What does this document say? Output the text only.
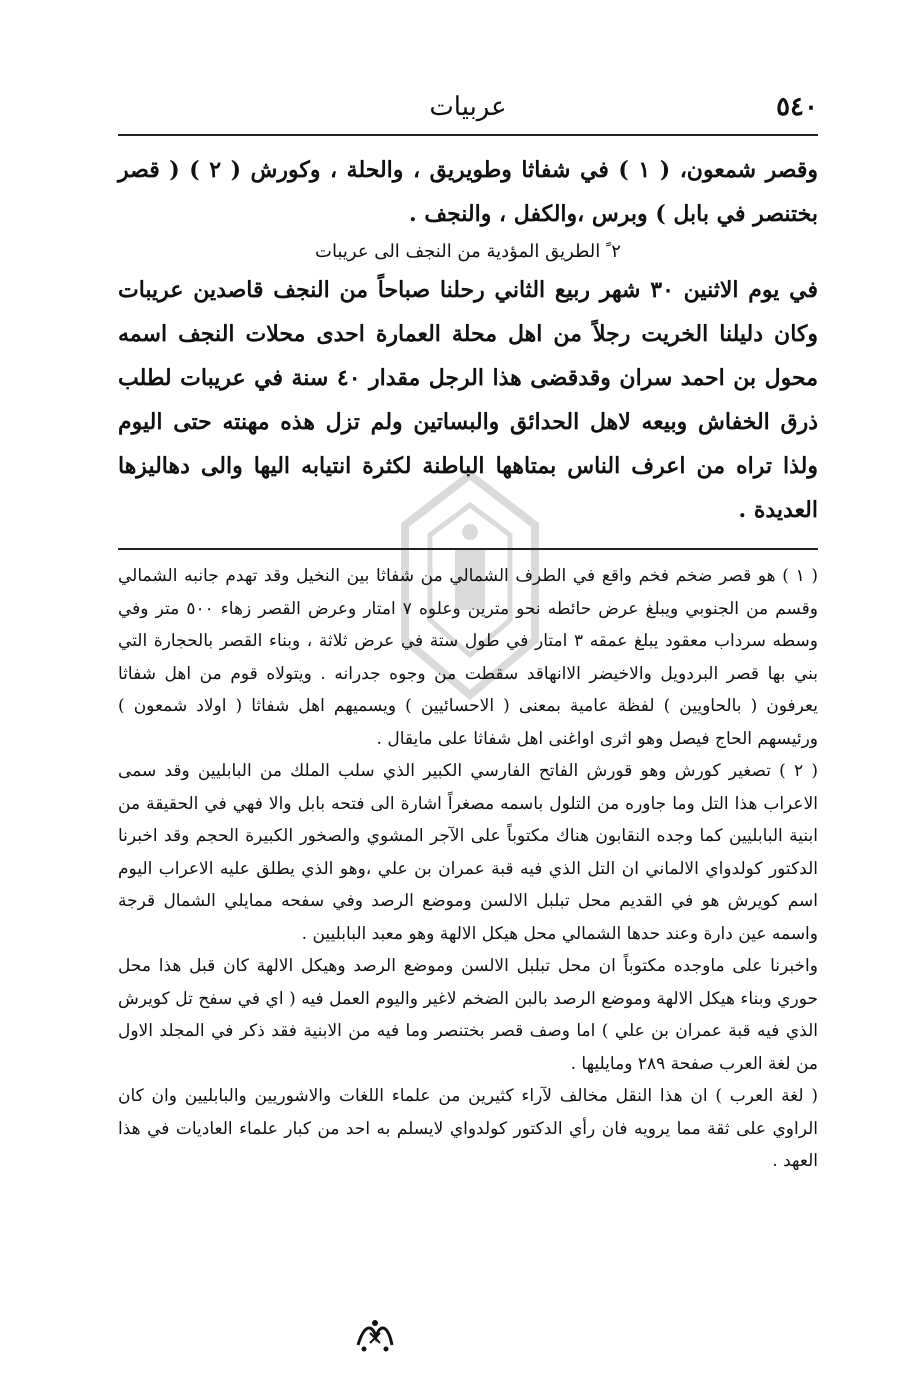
٥٤٠
عربيات

وقصر شمعون، ( ١ ) في شفاثا وطويريق ، والحلة ، وكورش ( ٢ ) ( قصر بختنصر في بابل ) وبرس ،والكفل ، والنجف .

٢ ً الطريق المؤدية من النجف الى عريبات

في يوم الاثنين ٣٠ شهر ربيع الثاني رحلنا صباحاً من النجف قاصدين عريبات وكان دليلنا الخريت رجلاً من اهل محلة العمارة احدى محلات النجف اسمه محول بن احمد سران وقدقضى هذا الرجل مقدار ٤٠ سنة في عريبات لطلب ذرق الخفاش وبيعه لاهل الحدائق والبساتين ولم تزل هذه مهنته حتى اليوم ولذا تراه من اعرف الناس بمتاهها الباطنة لكثرة انتيابه اليها والى دهاليزها العديدة .

( ١ ) هو قصر ضخم فخم واقع في الطرف الشمالي من شفاثا بين النخيل وقد تهدم جانبه الشمالي وقسم من الجنوبي ويبلغ عرض حائطه نحو مترين وعلوه ٧ امتار وعرض القصر زهاء ٥٠٠ متر وفي وسطه سرداب معقود يبلغ عمقه ٣ امتار في طول ستة في عرض ثلاثة ، وبناء القصر بالحجارة التي بني بها قصر البردويل والاخيضر الاانهاقد سقطت من وجوه جدرانه . ويتولاه قوم من اهل شفاثا يعرفون ( بالحاويين ) لفظة عامية بمعنى ( الاحسائيين ) ويسميهم اهل شفاثا ( اولاد شمعون ) ورئيسهم الحاج فيصل وهو اثرى اواغنى اهل شفاثا على مايقال .

( ٢ ) تصغير كورش وهو قورش الفاتح الفارسي الكبير الذي سلب الملك من البابليين وقد سمى الاعراب هذا التل وما جاوره من التلول باسمه مصغراً اشارة الى فتحه بابل والا فهي في الحقيقة من ابنية البابليين كما وجده النقابون هناك مكتوباً على الآجر المشوي والصخور الكبيرة الحجم وقد اخبرنا الدكتور كولدواي الالماني ان التل الذي فيه قبة عمران بن علي ،وهو الذي يطلق عليه الاعراب اليوم اسم كويرش هو في القديم محل تبلبل الالسن وموضع الرصد وفي سفحه ممايلي الشمال قرجة واسمه عين دارة وعند حدها الشمالي محل هيكل الالهة وهو معبد البابليين .

واخبرنا على ماوجده مكتوباً ان محل تبلبل الالسن وموضع الرصد وهيكل الالهة كان قبل هذا محل حوري وبناء هيكل الالهة وموضع الرصد بالبن الضخم لاغير واليوم العمل فيه ( اي في سفح تل كويرش الذي فيه قبة عمران بن علي ) اما وصف قصر بختنصر وما فيه من الابنية فقد ذكر في المجلد الاول من لغة العرب صفحة ٢٨٩ ومايليها .

( لغة العرب ) ان هذا النقل مخالف لآراء كثيرين من علماء اللغات والاشوريين والبابليين وان كان الراوي على ثقة مما يرويه فان رأي الدكتور كولدواي لايسلم به احد من كبار علماء العاديات في هذا العهد .
